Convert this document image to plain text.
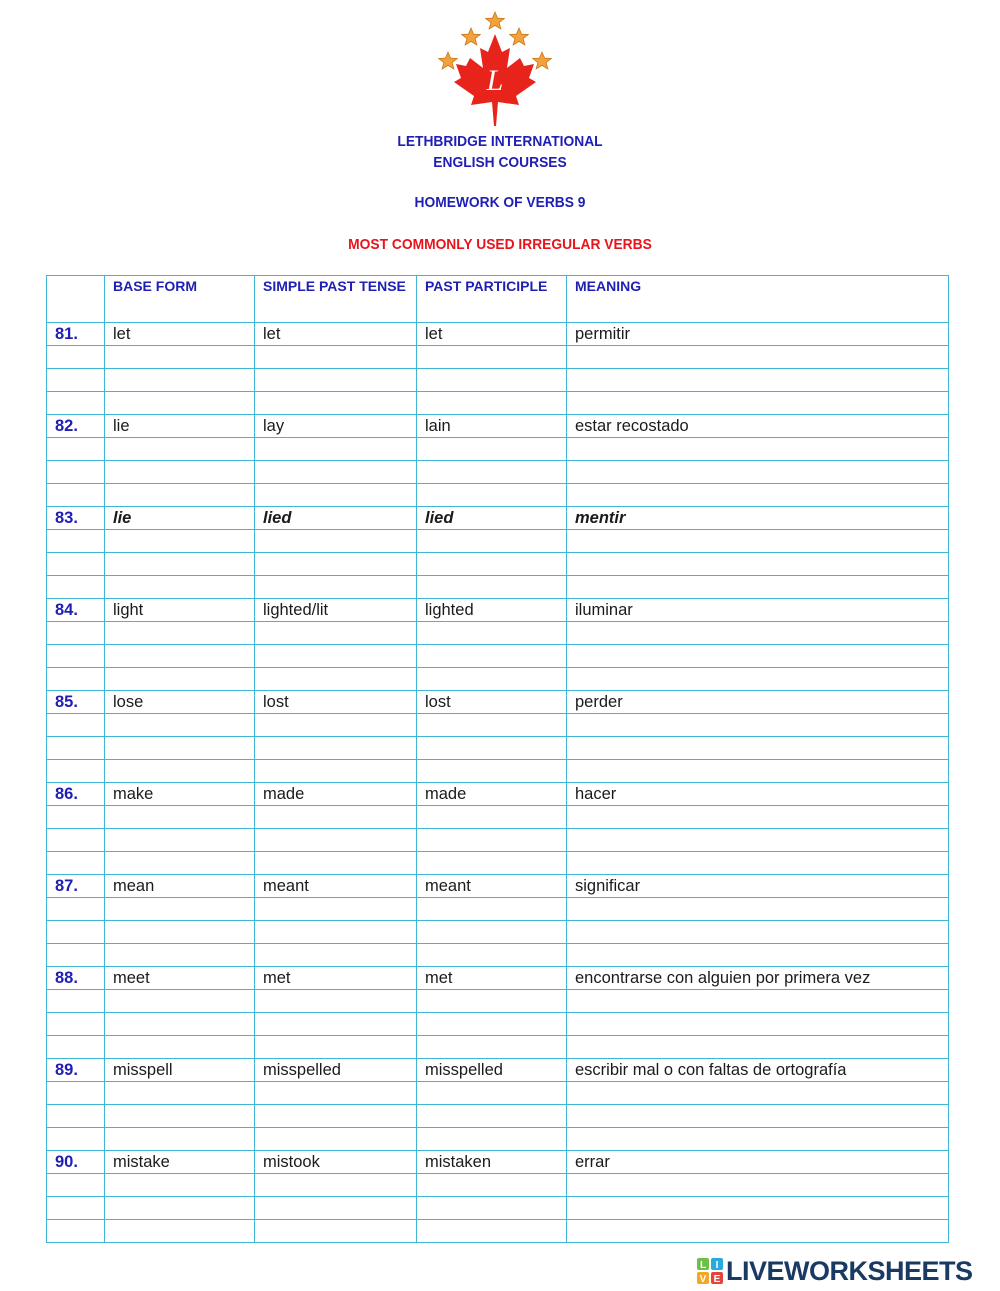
L
LETHBRIDGE INTERNATIONAL
ENGLISH COURSES
HOMEWORK OF VERBS 9
MOST COMMONLY USED IRREGULAR VERBS
	BASE FORM	SIMPLE PAST TENSE	PAST PARTICIPLE	MEANING
81.	let	let	let	permitir

82.	lie	lay	lain	estar recostado

83.	lie	lied	lied	mentir

84.	light	lighted/lit	lighted	iluminar

85.	lose	lost	lost	perder

86.	make	made	made	hacer

87.	mean	meant	meant	significar

88.	meet	met	met	encontrarse con alguien por primera vez

89.	misspell	misspelled	misspelled	escribir mal o con faltas de ortografía

90.	mistake	mistook	mistaken	errar

L I
V E LIVEWORKSHEETS
